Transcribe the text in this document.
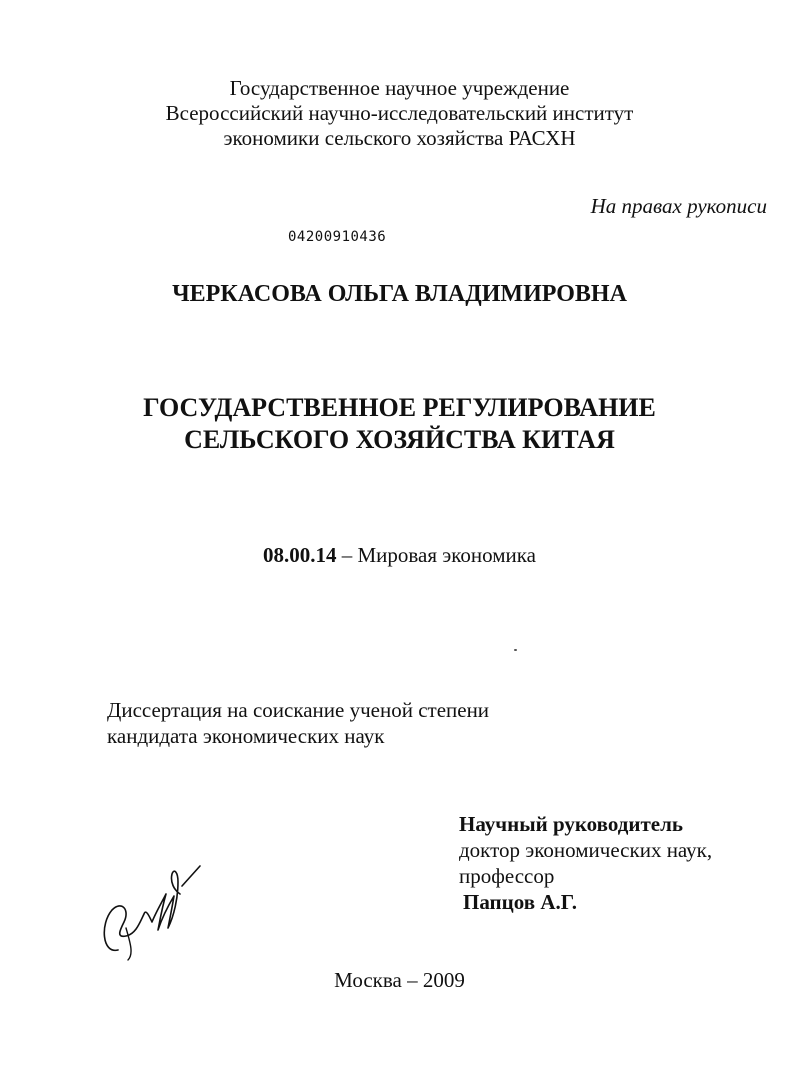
Государственное научное учреждение
Всероссийский научно-исследовательский институт
экономики сельского хозяйства РАСХН
На правах рукописи
04200910436
ЧЕРКАСОВА ОЛЬГА ВЛАДИМИРОВНА
ГОСУДАРСТВЕННОЕ РЕГУЛИРОВАНИЕ
СЕЛЬСКОГО ХОЗЯЙСТВА КИТАЯ
08.00.14 – Мировая экономика
Диссертация на соискание ученой степени
кандидата экономических наук
Научный руководитель
доктор экономических наук,
профессор
Папцов А.Г.
Москва – 2009
